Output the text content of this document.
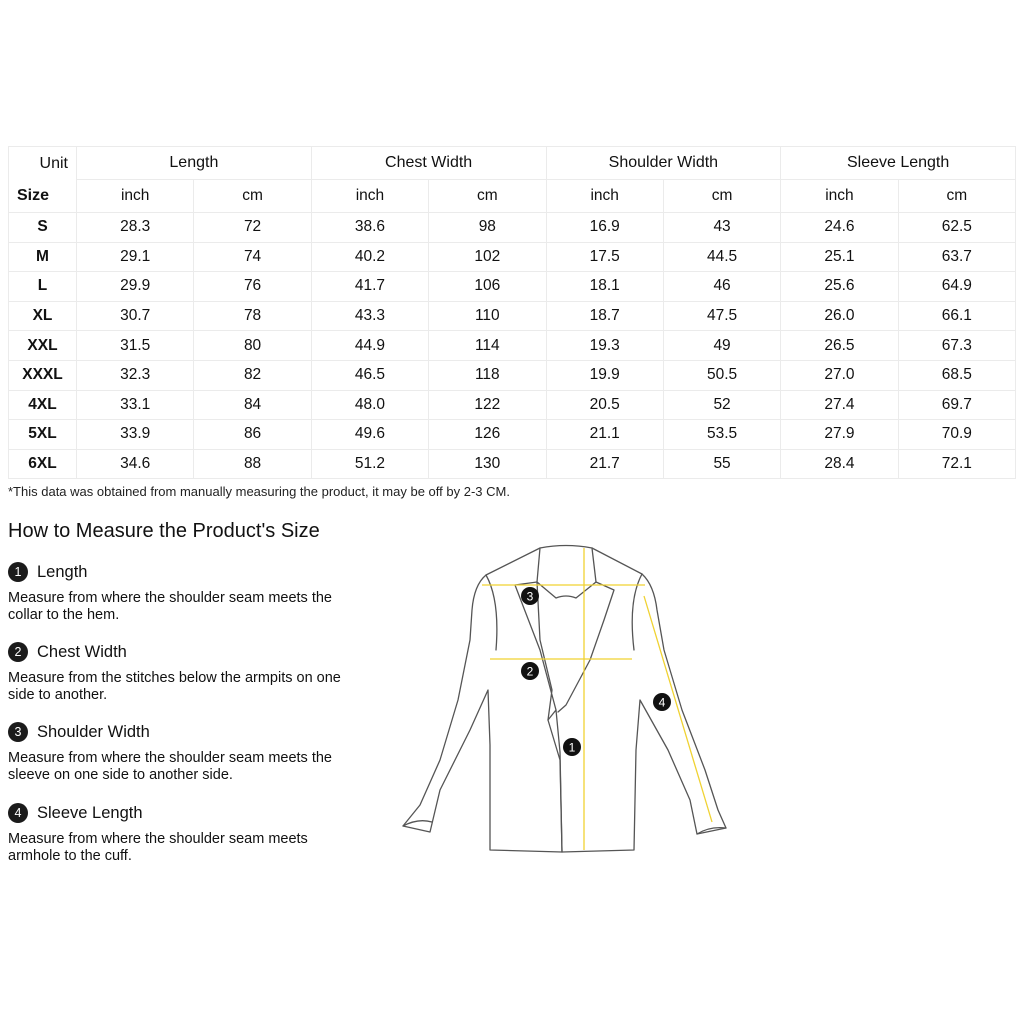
Unit
Size	Length		Chest Width		Shoulder Width		Sleeve Length	
	inch	cm	inch	cm	inch	cm	inch	cm
S	28.3	72	38.6	98	16.9	43	24.6	62.5
M	29.1	74	40.2	102	17.5	44.5	25.1	63.7
L	29.9	76	41.7	106	18.1	46	25.6	64.9
XL	30.7	78	43.3	110	18.7	47.5	26.0	66.1
XXL	31.5	80	44.9	114	19.3	49	26.5	67.3
XXXL	32.3	82	46.5	118	19.9	50.5	27.0	68.5
4XL	33.1	84	48.0	122	20.5	52	27.4	69.7
5XL	33.9	86	49.6	126	21.1	53.5	27.9	70.9
6XL	34.6	88	51.2	130	21.7	55	28.4	72.1
*This data was obtained from manually measuring the product, it may be off by 2-3 CM.
How to Measure the Product's Size
1 Length
Measure from where the shoulder seam meets the collar to the hem.
2 Chest Width
Measure from the stitches below the armpits on one side to another.
3 Shoulder Width
Measure from where the shoulder seam meets the sleeve on one side to another side.
4 Sleeve Length
Measure from where the shoulder seam meets armhole to the cuff.
1
2
3
4
